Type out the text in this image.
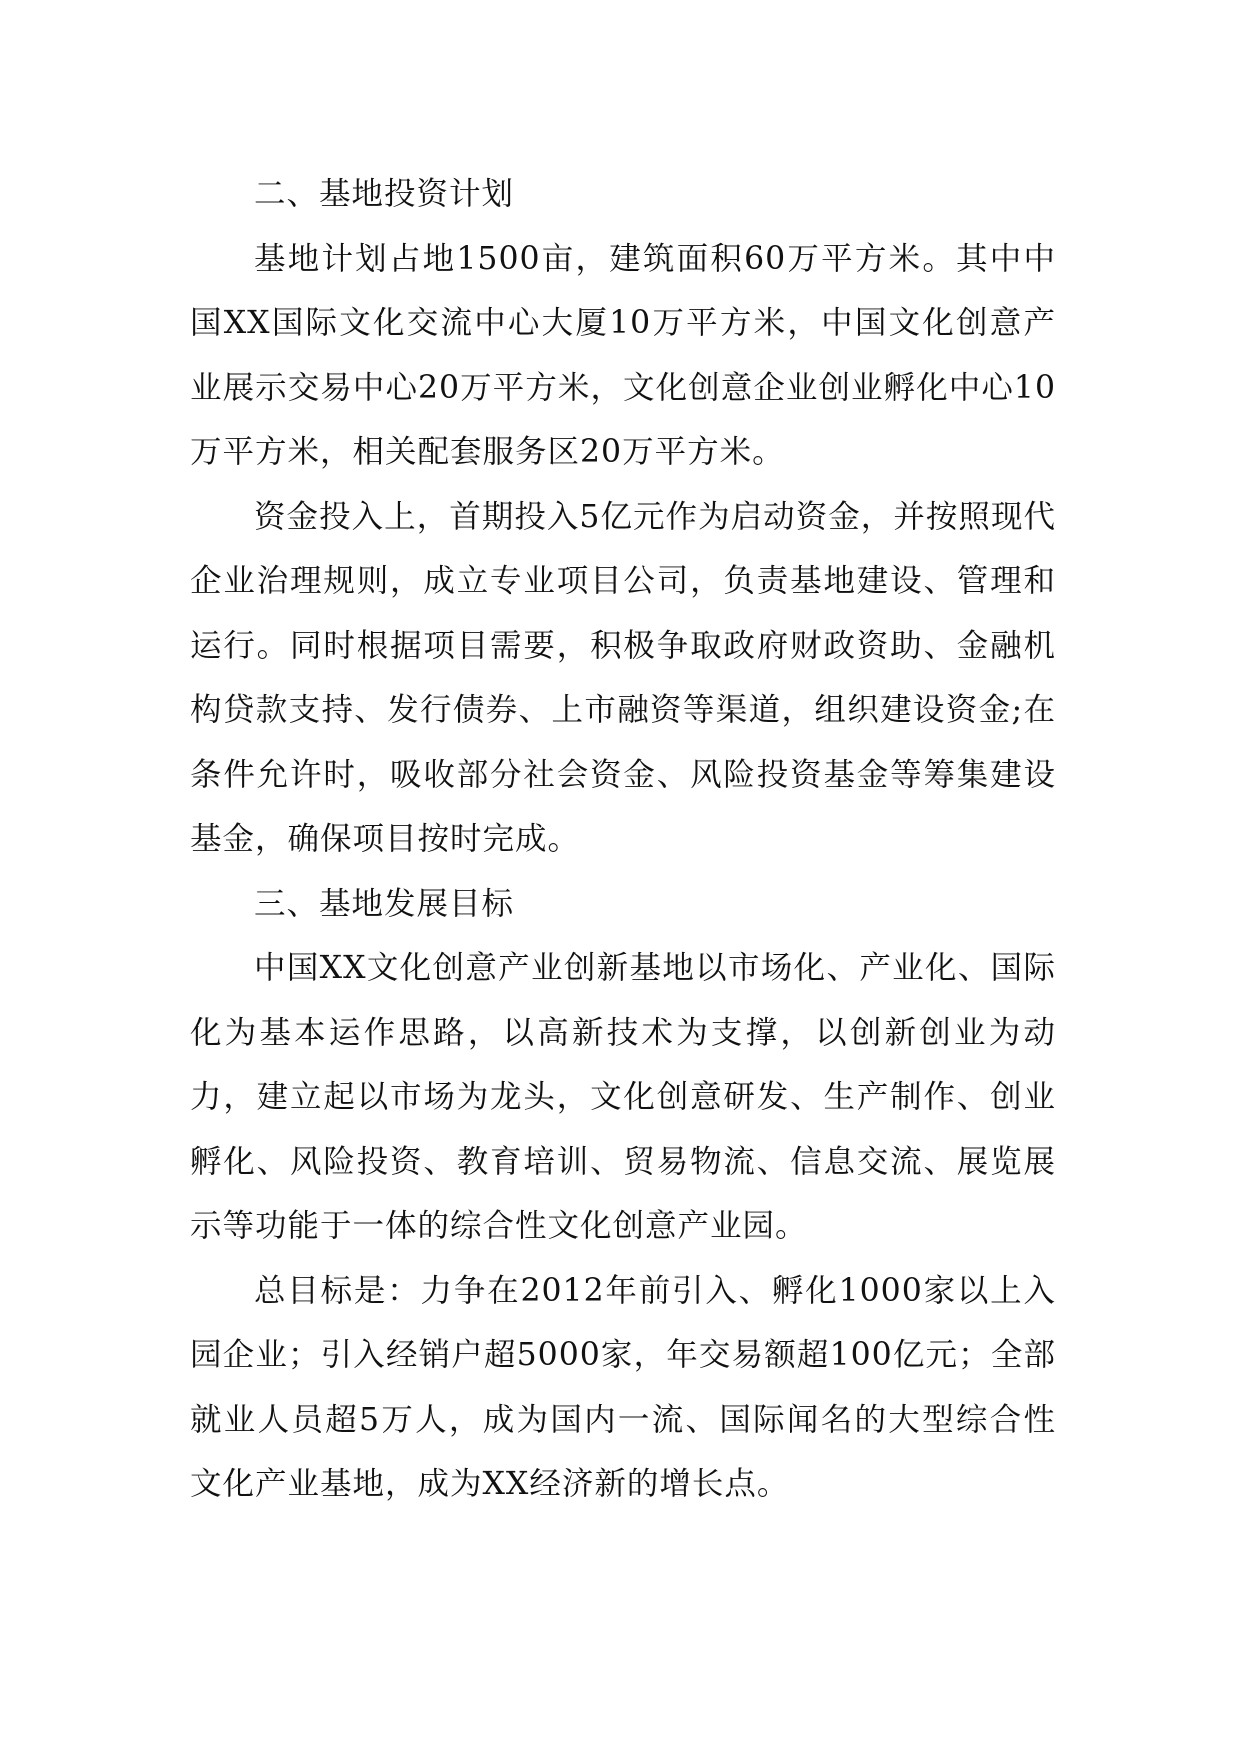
二、基地投资计划

基地计划占地1500亩，建筑面积60万平方米。其中中国XX国际文化交流中心大厦10万平方米，中国文化创意产业展示交易中心20万平方米，文化创意企业创业孵化中心10万平方米，相关配套服务区20万平方米。

资金投入上，首期投入5亿元作为启动资金，并按照现代企业治理规则，成立专业项目公司，负责基地建设、管理和运行。同时根据项目需要，积极争取政府财政资助、金融机构贷款支持、发行债券、上市融资等渠道，组织建设资金;在条件允许时，吸收部分社会资金、风险投资基金等筹集建设基金，确保项目按时完成。

三、基地发展目标

中国XX文化创意产业创新基地以市场化、产业化、国际化为基本运作思路，以高新技术为支撑，以创新创业为动力，建立起以市场为龙头，文化创意研发、生产制作、创业孵化、风险投资、教育培训、贸易物流、信息交流、展览展示等功能于一体的综合性文化创意产业园。

总目标是：力争在2012年前引入、孵化1000家以上入园企业；引入经销户超5000家，年交易额超100亿元；全部就业人员超5万人，成为国内一流、国际闻名的大型综合性文化产业基地，成为XX经济新的增长点。
